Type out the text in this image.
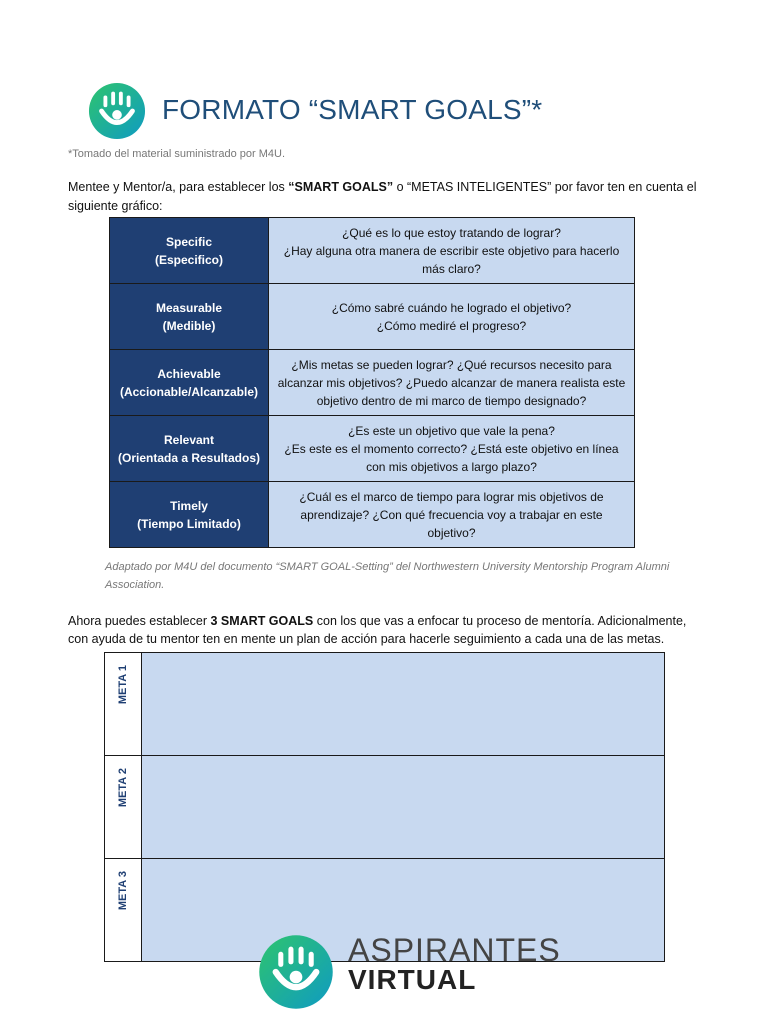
FORMATO “SMART GOALS”*
*Tomado del material suministrado por M4U.
Mentee y Mentor/a, para establecer los “SMART GOALS” o “METAS INTELIGENTES” por favor ten en cuenta el siguiente gráfico:
Specific
(Especifico)	¿Qué es lo que estoy tratando de lograr?
¿Hay alguna otra manera de escribir este objetivo para hacerlo más claro?

Measurable
(Medible)	¿Cómo sabré cuándo he logrado el objetivo?
¿Cómo mediré el progreso?

Achievable
(Accionable/Alcanzable)	¿Mis metas se pueden lograr? ¿Qué recursos necesito para alcanzar mis objetivos? ¿Puedo alcanzar de manera realista este objetivo dentro de mi marco de tiempo designado?

Relevant
(Orientada a Resultados)	¿Es este un objetivo que vale la pena?
¿Es este es el momento correcto? ¿Está este objetivo en línea con mis objetivos a largo plazo?

Timely
(Tiempo Limitado)	¿Cuál es el marco de tiempo para lograr mis objetivos de aprendizaje? ¿Con qué frecuencia voy a trabajar en este objetivo?
Adaptado por M4U del documento “SMART GOAL-Setting” del Northwestern University Mentorship Program Alumni Association.
Ahora puedes establecer 3 SMART GOALS con los que vas a enfocar tu proceso de mentoría. Adicionalmente, con ayuda de tu mentor ten en mente un plan de acción para hacerle seguimiento a cada una de las metas.
META 1	

META 2	

META 3	

ASPIRANTES
VIRTUAL
